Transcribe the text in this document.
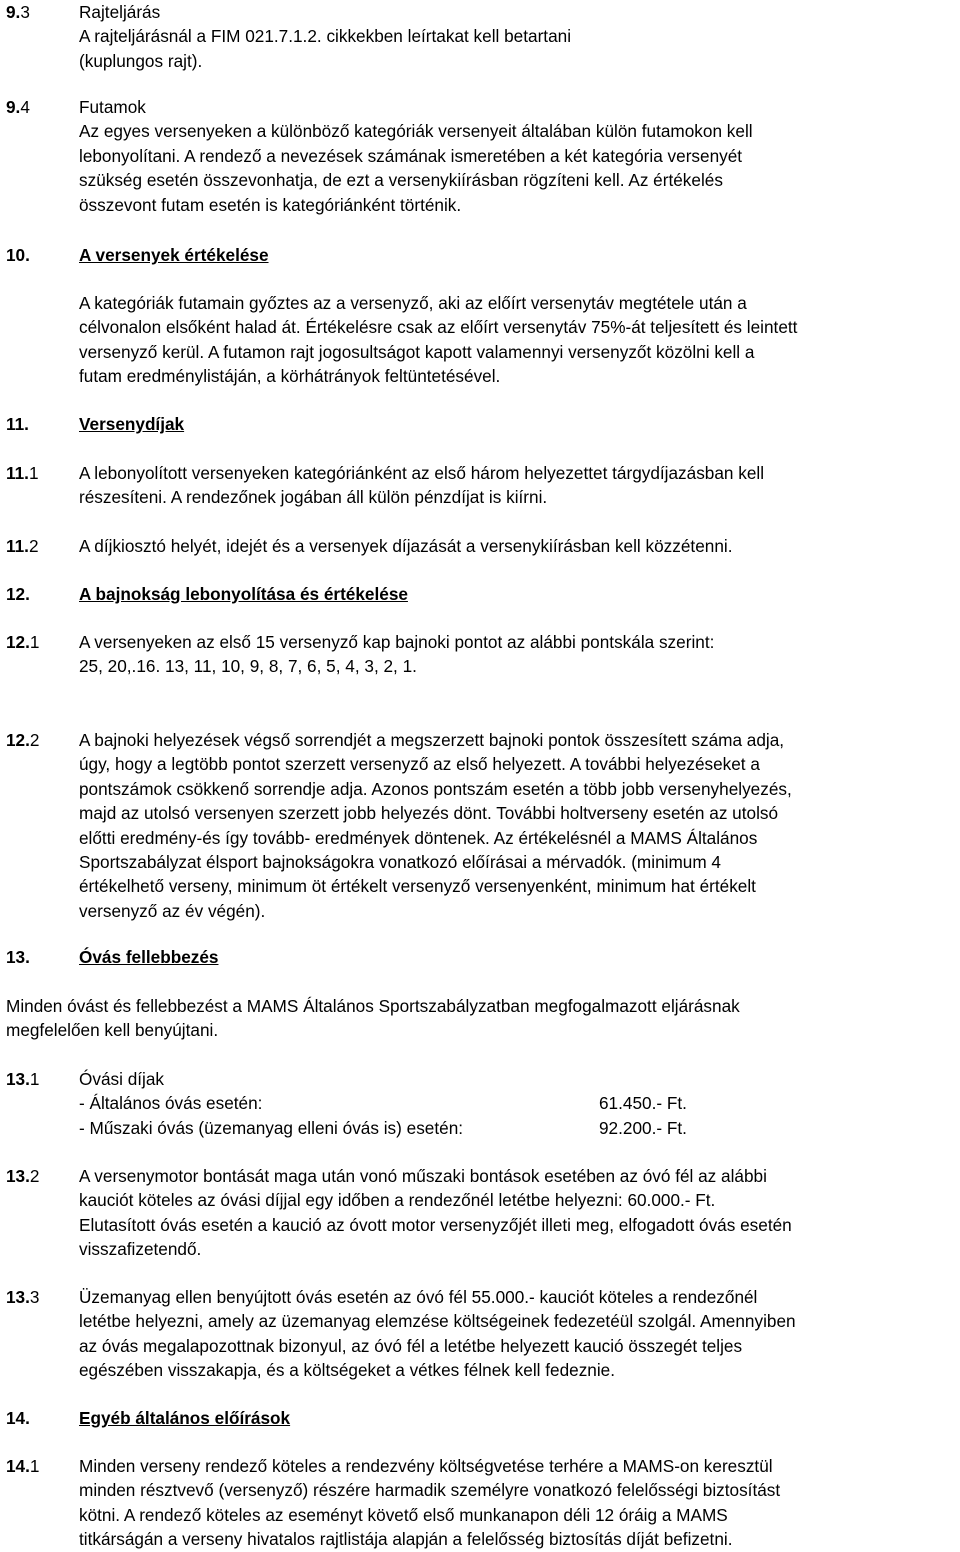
9.3	Rajteljárás
A rajteljárásnál a FIM 021.7.1.2. cikkekben leírtakat kell betartani
(kuplungos rajt).
9.4	Futamok
Az egyes versenyeken a különböző kategóriák versenyeit általában külön futamokon kell
lebonyolítani. A rendező a nevezések számának ismeretében a két kategória versenyét
szükség esetén összevonhatja, de ezt a versenykiírásban rögzíteni kell. Az értékelés
összevont futam esetén is kategóriánként történik.
10.	A versenyek értékelése
A kategóriák futamain győztes az a versenyző, aki az előírt versenytáv megtétele után a
célvonalon elsőként halad át. Értékelésre csak az előírt versenytáv 75%-át teljesített és leintett
versenyző kerül. A futamon rajt jogosultságot kapott valamennyi versenyzőt közölni kell a
futam eredménylistáján, a körhátrányok feltüntetésével.
11.	Versenydíjak
11.1	A lebonyolított versenyeken kategóriánként az első három helyezettet tárgydíjazásban kell
részesíteni. A rendezőnek jogában áll külön pénzdíjat is kiírni.
11.2	A díjkiosztó helyét, idejét és a versenyek díjazását a versenykiírásban kell közzétenni.
12.	A bajnokság lebonyolítása és értékelése
12.1	A versenyeken az első 15 versenyző kap bajnoki pontot az alábbi pontskála szerint:
25, 20,.16. 13, 11, 10, 9, 8, 7, 6, 5, 4, 3, 2, 1.
12.2	A bajnoki helyezések végső sorrendjét a megszerzett bajnoki pontok összesített száma adja,
úgy, hogy a legtöbb pontot szerzett versenyző az első helyezett. A további helyezéseket a
pontszámok csökkenő sorrendje adja. Azonos pontszám esetén a több jobb versenyhelyezés,
majd az utolsó versenyen szerzett jobb helyezés dönt. További holtverseny esetén az utolsó
előtti eredmény-és így tovább- eredmények döntenek. Az értékelésnél a MAMS Általános
Sportszabályzat élsport bajnokságokra vonatkozó előírásai a mérvadók. (minimum 4
értékelhető verseny, minimum öt értékelt versenyző versenyenként, minimum hat értékelt
versenyző az év végén).
13.	Óvás fellebbezés
Minden óvást és fellebbezést a MAMS Általános Sportszabályzatban megfogalmazott eljárásnak
megfelelően kell benyújtani.
13.1	Óvási díjak
- Általános óvás esetén:	61.450.- Ft.
- Műszaki óvás (üzemanyag elleni óvás is) esetén:	92.200.- Ft.
13.2	A versenymotor bontását maga után vonó műszaki bontások esetében az óvó fél az alábbi
kauciót köteles az óvási díjjal egy időben a rendezőnél letétbe helyezni: 60.000.- Ft.
Elutasított óvás esetén a kaució az óvott motor versenyzőjét illeti meg, elfogadott óvás esetén
visszafizetendő.
13.3	Üzemanyag ellen benyújtott óvás esetén az óvó fél 55.000.- kauciót köteles a rendezőnél
letétbe helyezni, amely az üzemanyag elemzése költségeinek fedezetéül szolgál. Amennyiben
az óvás megalapozottnak bizonyul, az óvó fél a letétbe helyezett kaució összegét teljes
egészében visszakapja, és a költségeket a vétkes félnek kell fedeznie.
14.	Egyéb általános előírások
14.1	Minden verseny rendező köteles a rendezvény költségvetése terhére a MAMS-on keresztül
minden résztvevő (versenyző) részére harmadik személyre vonatkozó felelősségi biztosítást
kötni. A rendező köteles az eseményt követő első munkanapon déli 12 óráig a MAMS
titkárságán a verseny hivatalos rajtlistája alapján a felelősség biztosítás díját befizetni.
